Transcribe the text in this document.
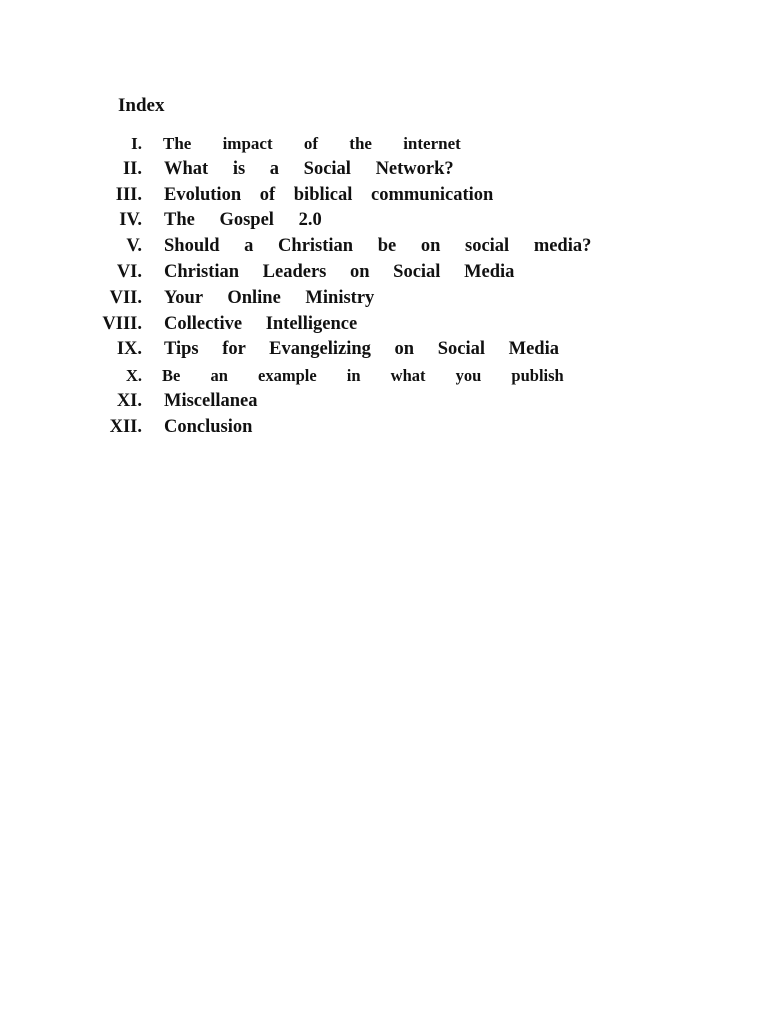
Index
I. The impact of the internet
II. What is a Social Network?
III. Evolution of biblical communication
IV. The Gospel 2.0
V. Should a Christian be on social media?
VI. Christian Leaders on Social Media
VII. Your Online Ministry
VIII. Collective Intelligence
IX. Tips for Evangelizing on Social Media
X. Be an example in what you publish
XI. Miscellanea
XII. Conclusion
